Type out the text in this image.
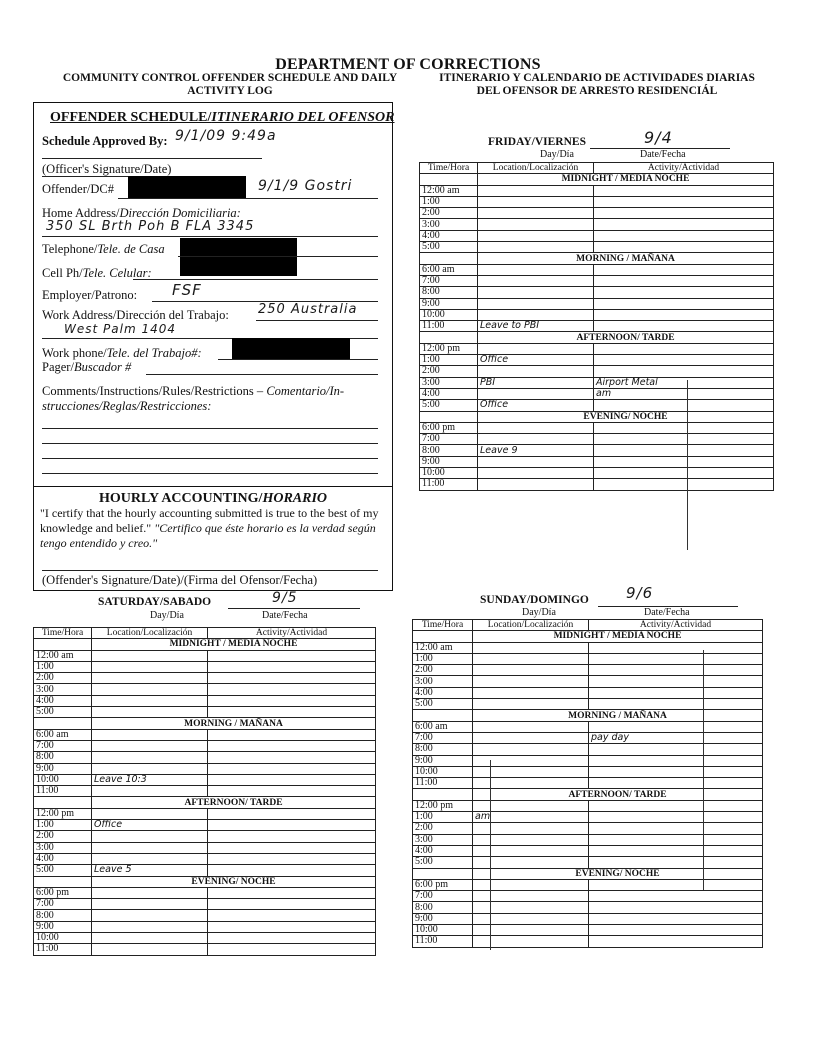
DEPARTMENT OF CORRECTIONS
COMMUNITY CONTROL OFFENDER SCHEDULE AND DAILY
ACTIVITY LOG
ITINERARIO Y CALENDARIO DE ACTIVIDADES DIARIAS
DEL OFENSOR DE ARRESTO RESIDENCIÁL
OFFENDER SCHEDULE/ITINERARIO DEL OFENSOR
Schedule Approved By: 9/1/09 9:49a
(Officer's Signature/Date)
Offender/DC#	9/1/9 Gostri
Home Address/Dirección Domiciliaria:
350 SL Brth Poh B FLA 3345
Telephone/Tele. de Casa
Cell Ph/Tele. Celular:
Employer/Patrono: FSF
Work Address/Dirección del Trabajo: 250 Australia
West Palm 1404
Work phone/Tele. del Trabajo#:
Pager/Buscador #
Comments/Instructions/Rules/Restrictions – Comentario/In-
strucciones/Reglas/Restricciones:
HOURLY ACCOUNTING/HORARIO
"I certify that the hourly accounting submitted is true to the best of my knowledge and belief." "Certifico que éste horario es la verdad según tengo entendido y creo."
(Offender's Signature/Date)/(Firma del Ofensor/Fecha)
SATURDAY/SABADO	9/5
Day/Día	Date/Fecha
Time/Hora	Location/Localización	Activity/Actividad
	MIDNIGHT / MEDIA NOCHE	
12:00 am		
1:00		
2:00		
3:00		
4:00		
5:00		
	MORNING / MAÑANA	
6:00 am		
7:00		
8:00		
9:00		
10:00	Leave 10:3	
11:00		
	AFTERNOON/ TARDE	
12:00 pm		
1:00	Office	
2:00		
3:00		
4:00		
5:00	Leave 5	
	EVENING/ NOCHE	
6:00 pm		
7:00		
8:00		
9:00		
10:00		
11:00		
FRIDAY/VIERNES	9/4
Day/Día	Date/Fecha
Time/Hora	Location/Localización	Activity/Actividad
	MIDNIGHT / MEDIA NOCHE	
12:00 am		
1:00		
2:00		
3:00		
4:00		
5:00		
	MORNING / MAÑANA	
6:00 am		
7:00		
8:00		
9:00		
10:00		
11:00	Leave to PBI	
	AFTERNOON/ TARDE	
12:00 pm		
1:00	Office	
2:00		
3:00	PBI	Airport Metal
4:00		am
5:00	Office	
	EVENING/ NOCHE	
6:00 pm		
7:00		
8:00	Leave 9	
9:00		
10:00		
11:00		
SUNDAY/DOMINGO 9/6
Day/Día	Date/Fecha
Time/Hora	Location/Localización	Activity/Actividad
	MIDNIGHT / MEDIA NOCHE	
12:00 am		
1:00		
2:00		
3:00		
4:00		
5:00		
	MORNING / MAÑANA	
6:00 am		
7:00		pay day
8:00		
9:00		
10:00		
11:00		
	AFTERNOON/ TARDE	
12:00 pm		
1:00	am	
2:00		
3:00		
4:00		
5:00		
	EVENING/ NOCHE	
6:00 pm		
7:00		
8:00		
9:00		
10:00		
11:00		
